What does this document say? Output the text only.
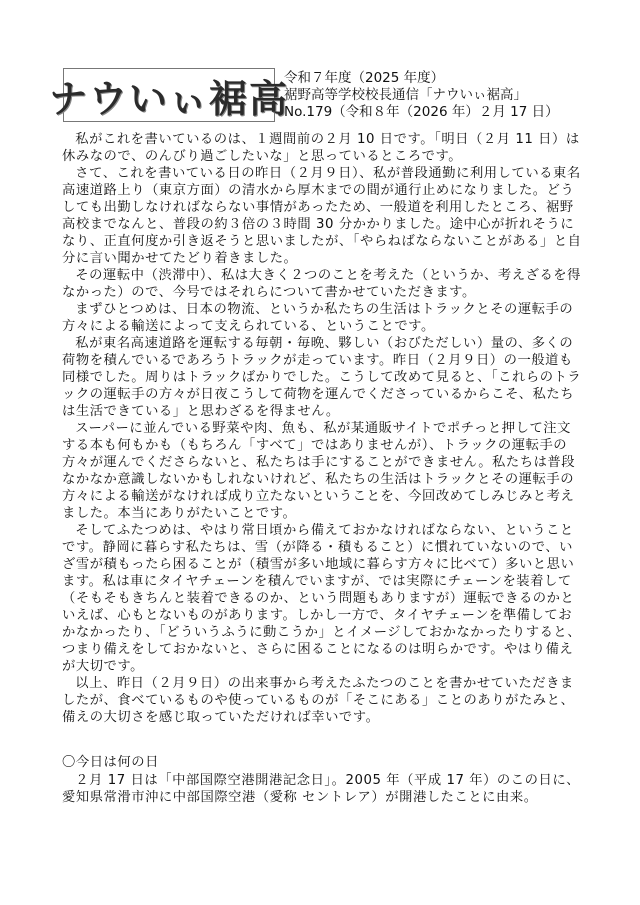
ナウいぃ裾高
令和７年度（2025 年度）
裾野高等学校校長通信「ナウいぃ裾高」
No.179（令和８年（2026 年）２月 17 日）

私がこれを書いているのは、１週間前の２月 10 日です。「明日（２月 11 日）は休みなので、のんびり過ごしたいな」と思っているところです。

さて、これを書いている日の昨日（２月９日）、私が普段通勤に利用している東名高速道路上り（東京方面）の清水から厚木までの間が通行止めになりました。どうしても出勤しなければならない事情があったため、一般道を利用したところ、裾野高校までなんと、普段の約３倍の３時間 30 分かかりました。途中心が折れそうになり、正直何度か引き返そうと思いましたが、「やらねばならないことがある」と自分に言い聞かせてたどり着きました。

その運転中（渋滞中）、私は大きく２つのことを考えた（というか、考えざるを得なかった）ので、今号ではそれらについて書かせていただきます。

まずひとつめは、日本の物流、というか私たちの生活はトラックとその運転手の方々による輸送によって支えられている、ということです。

私が東名高速道路を運転する毎朝・毎晩、夥しい（おびただしい）量の、多くの荷物を積んでいるであろうトラックが走っています。昨日（２月９日）の一般道も同様でした。周りはトラックばかりでした。こうして改めて見ると、「これらのトラックの運転手の方々が日夜こうして荷物を運んでくださっているからこそ、私たちは生活できている」と思わざるを得ません。

スーパーに並んでいる野菜や肉、魚も、私が某通販サイトでポチっと押して注文する本も何もかも（もちろん「すべて」ではありませんが）、トラックの運転手の方々が運んでくださらないと、私たちは手にすることができません。私たちは普段なかなか意識しないかもしれないけれど、私たちの生活はトラックとその運転手の方々による輸送がなければ成り立たないということを、今回改めてしみじみと考えました。本当にありがたいことです。

そしてふたつめは、やはり常日頃から備えておかなければならない、ということです。静岡に暮らす私たちは、雪（が降る・積もること）に慣れていないので、いざ雪が積もったら困ることが（積雪が多い地域に暮らす方々に比べて）多いと思います。私は車にタイヤチェーンを積んでいますが、では実際にチェーンを装着して（そもそもきちんと装着できるのか、という問題もありますが）運転できるのかといえば、心もとないものがあります。しかし一方で、タイヤチェーンを準備しておかなかったり、「どういうふうに動こうか」とイメージしておかなかったりすると、つまり備えをしておかないと、さらに困ることになるのは明らかです。やはり備えが大切です。

以上、昨日（２月９日）の出来事から考えたふたつのことを書かせていただきましたが、食べているものや使っているものが「そこにある」ことのありがたみと、備えの大切さを感じ取っていただければ幸いです。

〇今日は何の日

２月 17 日は「中部国際空港開港記念日」。2005 年（平成 17 年）のこの日に、愛知県常滑市沖に中部国際空港（愛称 セントレア）が開港したことに由来。
